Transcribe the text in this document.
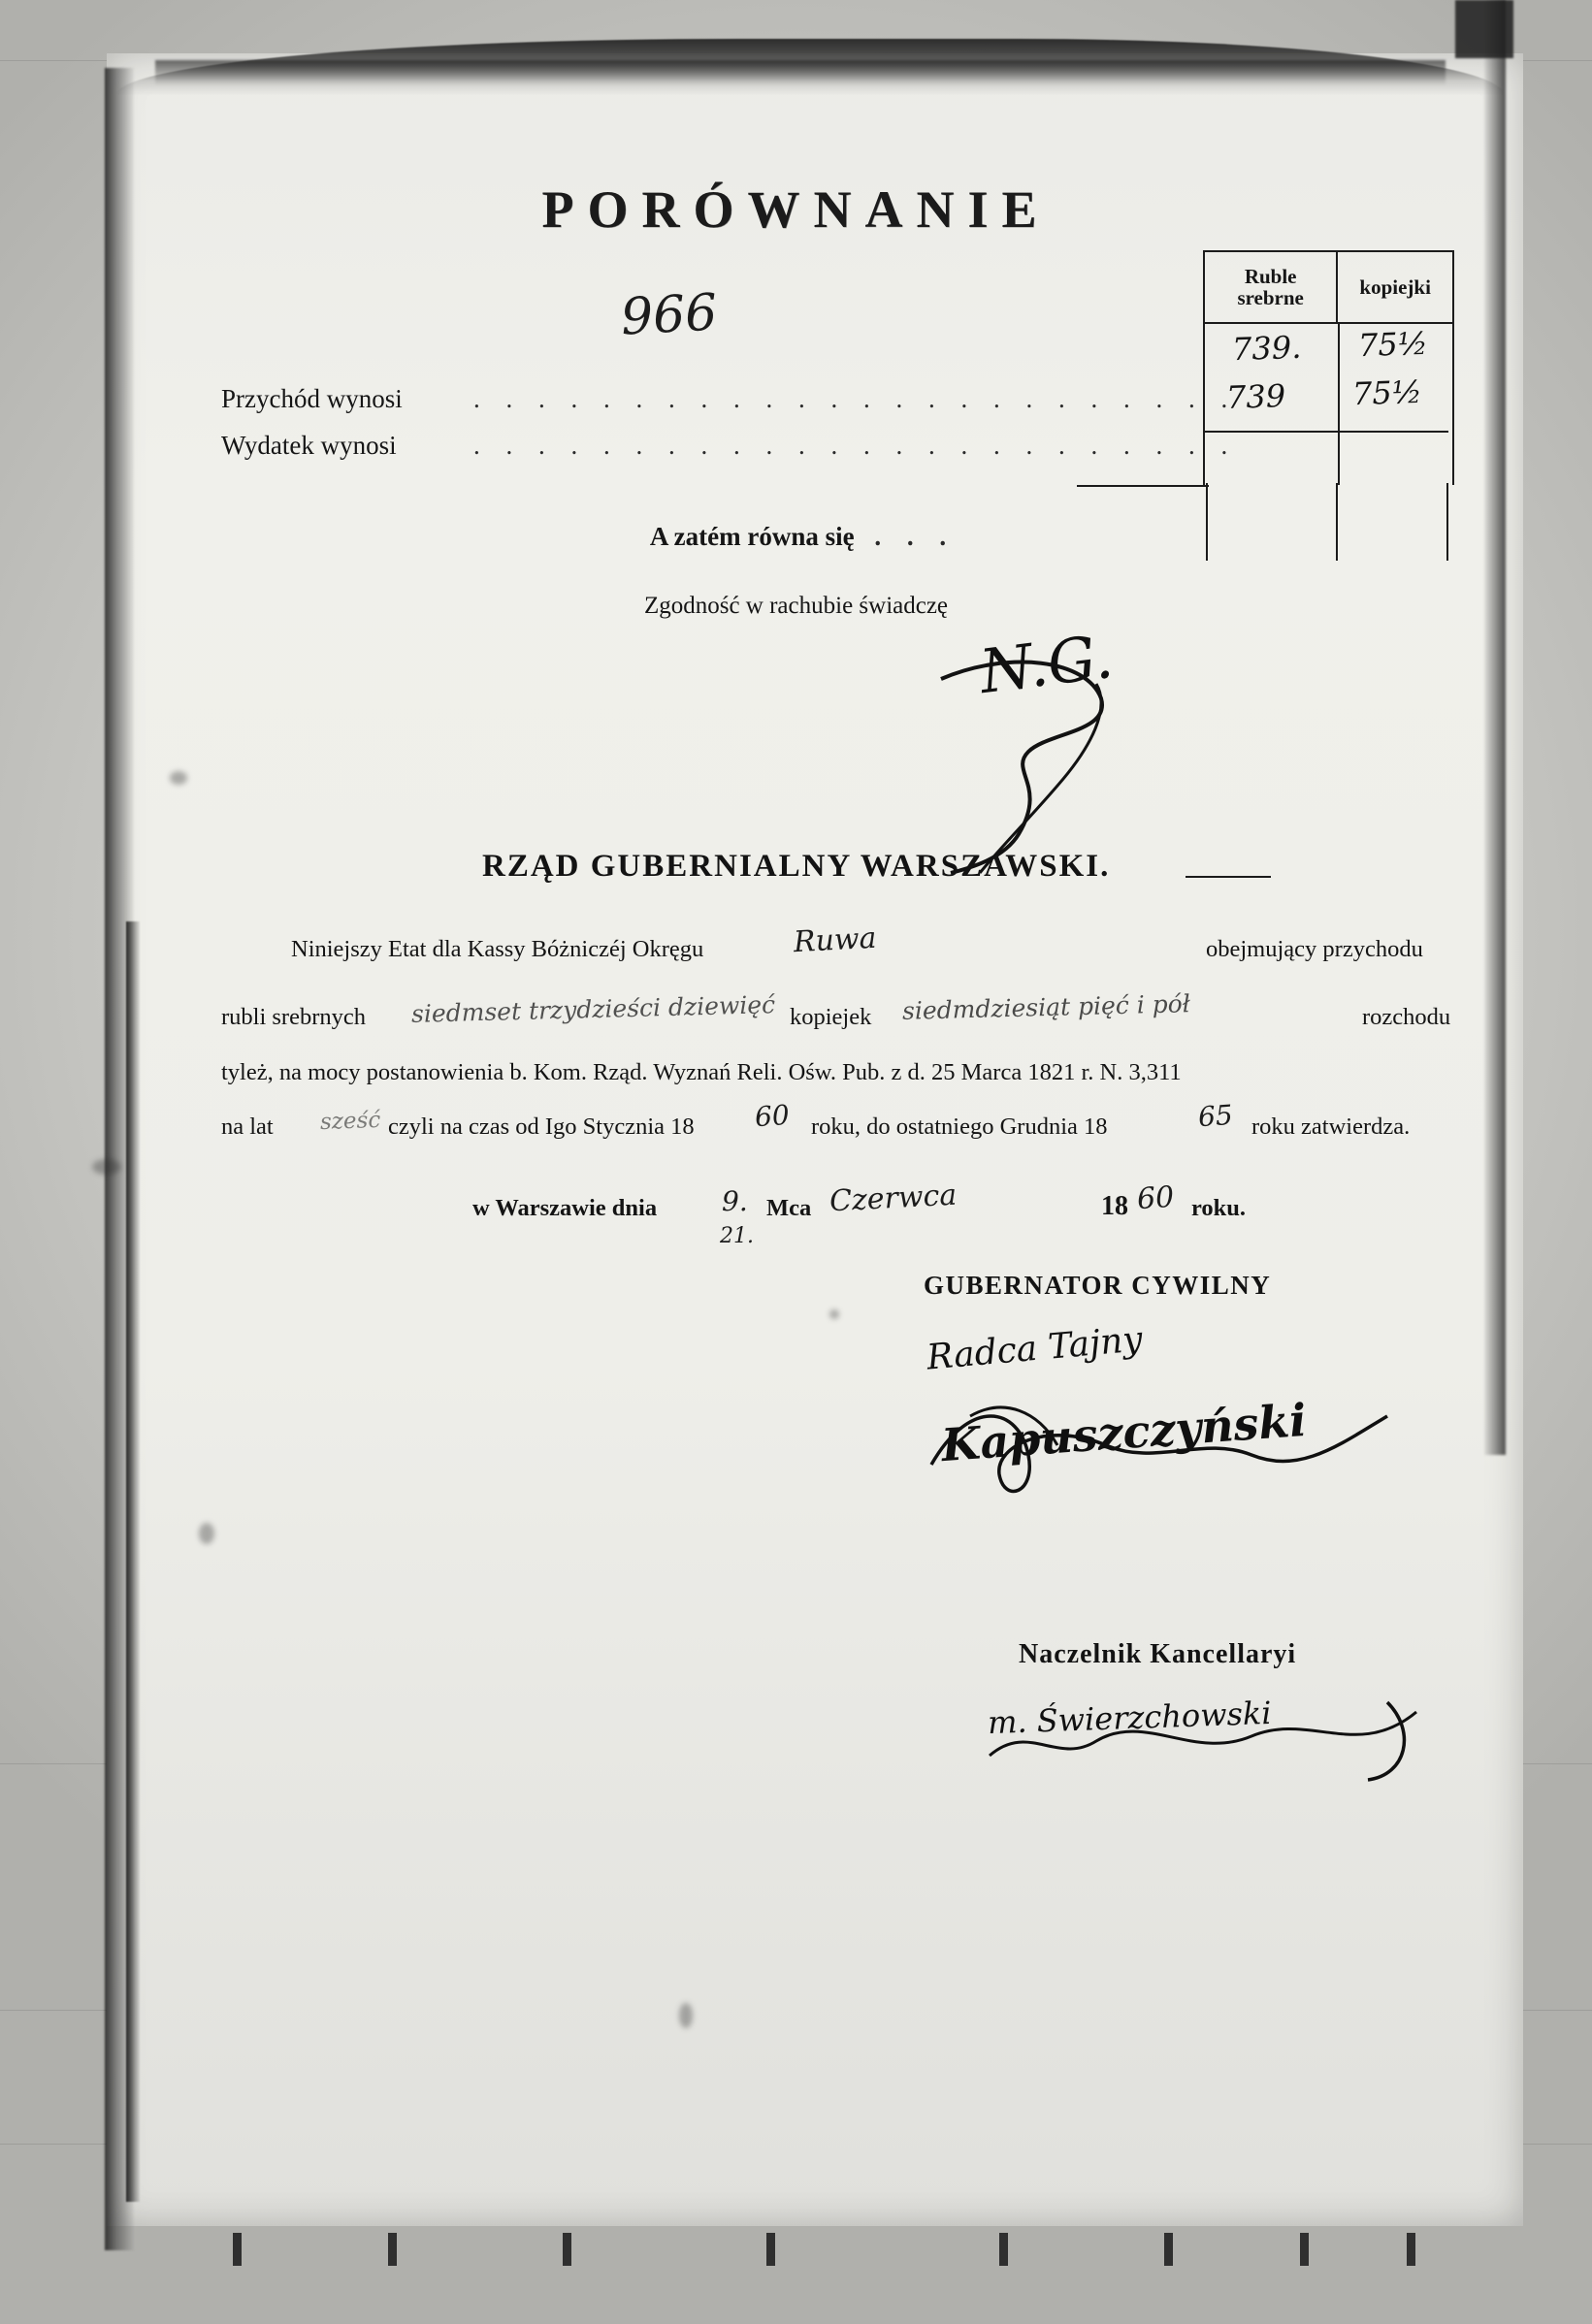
PORÓWNANIE
966
Ruble
srebrne	kopiejki
739. 75½
739 75½
Przychód wynosi	. . . . . . . . . . . . . . . . . . . . . . . .
Wydatek wynosi	. . . . . . . . . . . . . . . . . . . . . . . .
A zatém równa się . . .
Zgodność w rachubie świadczę
N.G.
RZĄD GUBERNIALNY WARSZAWSKI.
Niniejszy Etat dla Kassy Bóżniczéj Okręgu	Ruwa	obejmujący przychodu
rubli srebrnych siedmset trzydzieści dziewięć kopiejek siedmdziesiąt pięć i pół	rozchodu
tyleż, na mocy postanowienia b. Kom. Rząd. Wyznań Reli. Ośw. Pub. z d. 25 Marca 1821 r. N. 3,311
na lat sześć czyli na czas od Igo Stycznia 18 60 roku, do ostatniego Grudnia 18	65 roku zatwierdza.
w Warszawie dnia 9.
21.
Mca Czerwca	18 60 roku.
GUBERNATOR CYWILNY
Radca Tajny
Kapuszczyński
Naczelnik Kancellaryi
m. Świerzchowski
